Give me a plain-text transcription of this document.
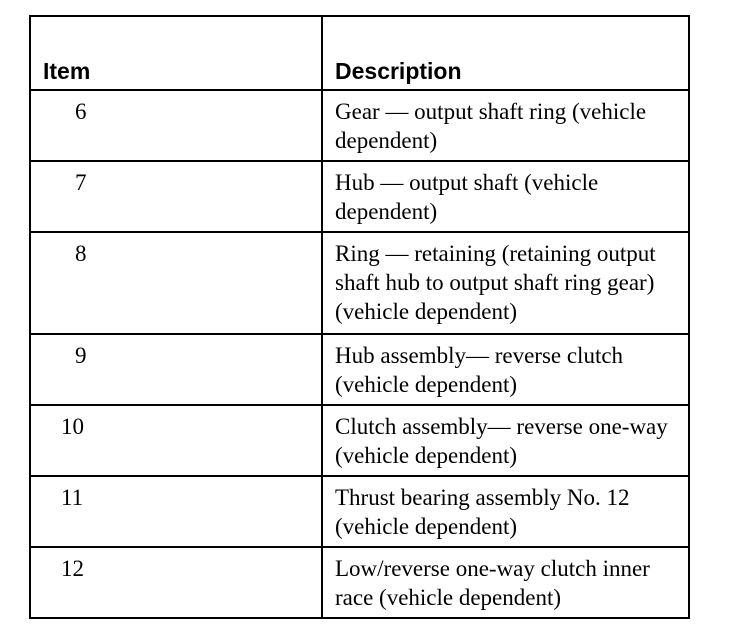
Item	Description
6	Gear — output shaft ring (vehicle dependent)
7	Hub — output shaft (vehicle dependent)
8	Ring — retaining (retaining output shaft hub to output shaft ring gear) (vehicle dependent)
9	Hub assembly— reverse clutch (vehicle dependent)
10	Clutch assembly— reverse one-way (vehicle dependent)
11	Thrust bearing assembly No. 12 (vehicle dependent)
12	Low/reverse one-way clutch inner race (vehicle dependent)
